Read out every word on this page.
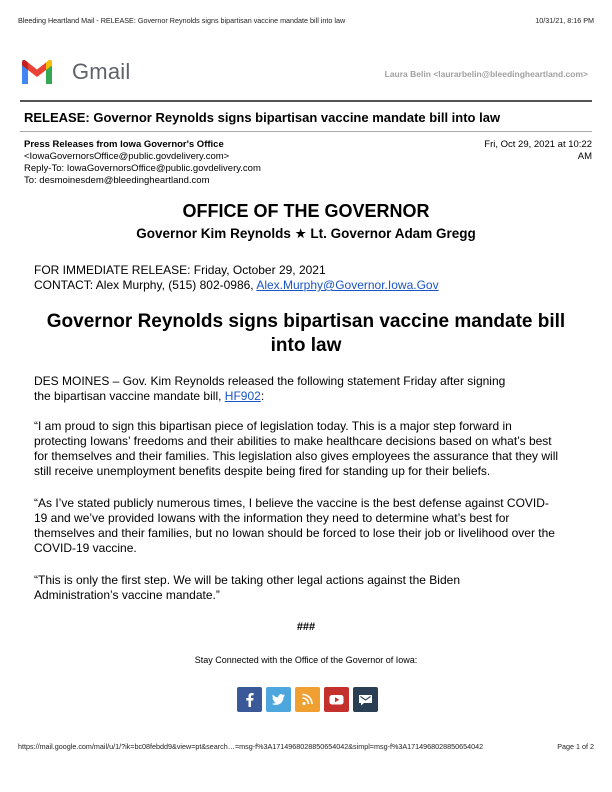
Bleeding Heartland Mail - RELEASE: Governor Reynolds signs bipartisan vaccine mandate bill into law	10/31/21, 8:16 PM
Gmail	Laura Belin <laurarbelin@bleedingheartland.com>
RELEASE: Governor Reynolds signs bipartisan vaccine mandate bill into law
Press Releases from Iowa Governor's Office
<IowaGovernorsOffice@public.govdelivery.com>
Reply-To: IowaGovernorsOffice@public.govdelivery.com
To: desmoinesdem@bleedingheartland.com
Fri, Oct 29, 2021 at 10:22
AM
OFFICE OF THE GOVERNOR
Governor Kim Reynolds ★ Lt. Governor Adam Gregg
FOR IMMEDIATE RELEASE: Friday, October 29, 2021
CONTACT: Alex Murphy, (515) 802-0986, Alex.Murphy@Governor.Iowa.Gov
Governor Reynolds signs bipartisan vaccine mandate bill
into law
DES MOINES – Gov. Kim Reynolds released the following statement Friday after signing
the bipartisan vaccine mandate bill, HF902:
“I am proud to sign this bipartisan piece of legislation today. This is a major step forward in
protecting Iowans’ freedoms and their abilities to make healthcare decisions based on what’s best
for themselves and their families. This legislation also gives employees the assurance that they will
still receive unemployment benefits despite being fired for standing up for their beliefs.
“As I’ve stated publicly numerous times, I believe the vaccine is the best defense against COVID-
19 and we’ve provided Iowans with the information they need to determine what’s best for
themselves and their families, but no Iowan should be forced to lose their job or livelihood over the
COVID-19 vaccine.
“This is only the first step. We will be taking other legal actions against the Biden
Administration’s vaccine mandate.”
###
Stay Connected with the Office of the Governor of Iowa:
https://mail.google.com/mail/u/1/?ik=bc08febdd9&view=pt&search…=msg-f%3A1714968028850654042&simpl=msg-f%3A1714968028850654042	Page 1 of 2
